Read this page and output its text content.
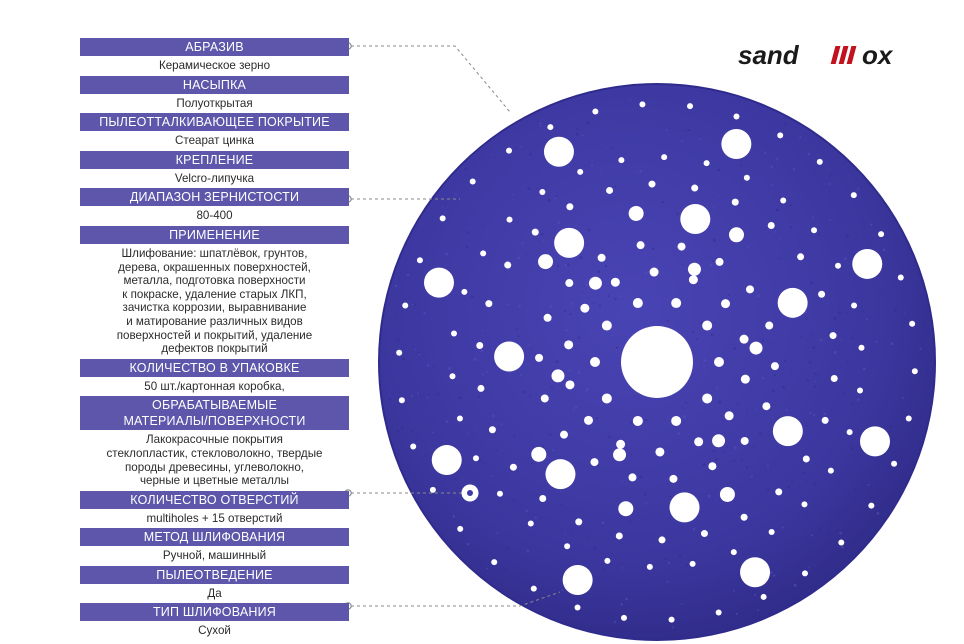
АБРАЗИВ
Керамическое зерно
НАСЫПКА
Полуоткрытая
ПЫЛЕОТТАЛКИВАЮЩЕЕ ПОКРЫТИЕ
Стеарат цинка
КРЕПЛЕНИЕ
Velcro-липучка
ДИАПАЗОН ЗЕРНИСТОСТИ
80-400
ПРИМЕНЕНИЕ
Шлифование: шпатлёвок, грунтов,
дерева, окрашенных поверхностей,
металла, подготовка поверхности
к покраске, удаление старых ЛКП,
зачистка коррозии, выравнивание
и матирование различных видов
поверхностей и покрытий, удаление
дефектов покрытий
КОЛИЧЕСТВО В УПАКОВКЕ
50 шт./картонная коробка,
ОБРАБАТЫВАЕМЫЕ
МАТЕРИАЛЫ/ПОВЕРХНОСТИ
Лакокрасочные покрытия
стеклопластик, стекловолокно, твердые
породы древесины, углеволокно,
черные и цветные металлы
КОЛИЧЕСТВО ОТВЕРСТИЙ
multiholes + 15 отверстий
МЕТОД ШЛИФОВАНИЯ
Ручной, машинный
ПЫЛЕОТВЕДЕНИЕ
Да
ТИП ШЛИФОВАНИЯ
Сухой
sand ox
